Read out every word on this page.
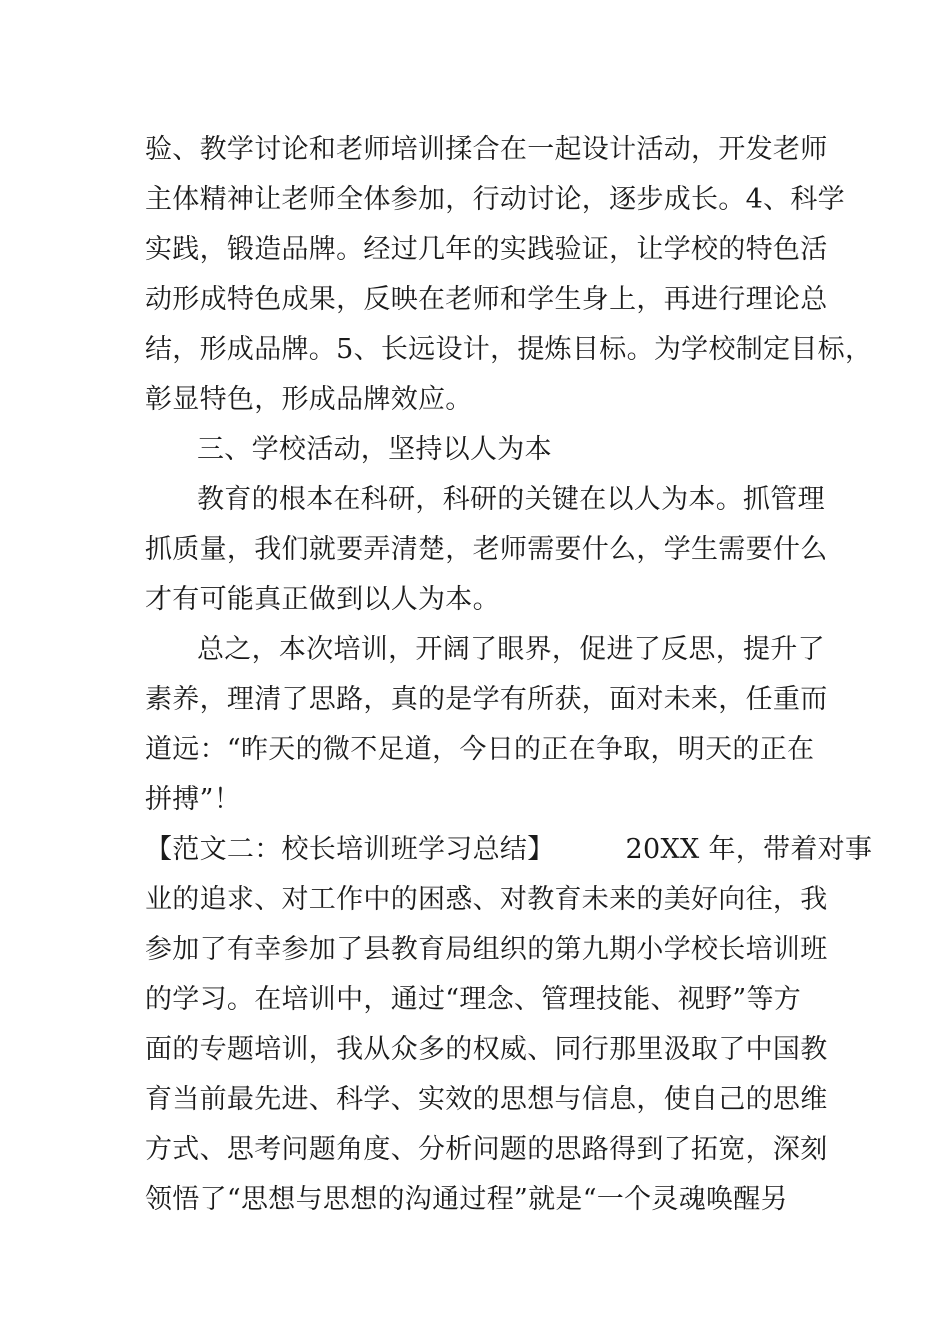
验、教学讨论和老师培训揉合在一起设计活动，开发老师
主体精神让老师全体参加，行动讨论，逐步成长。4、科学
实践，锻造品牌。经过几年的实践验证，让学校的特色活
动形成特色成果，反映在老师和学生身上，再进行理论总
结，形成品牌。5、长远设计，提炼目标。为学校制定目标，
彰显特色，形成品牌效应。
三、学校活动，坚持以人为本
教育的根本在科研，科研的关键在以人为本。抓管理
抓质量，我们就要弄清楚，老师需要什么，学生需要什么
才有可能真正做到以人为本。
总之，本次培训，开阔了眼界，促进了反思，提升了
素养，理清了思路，真的是学有所获，面对未来，任重而
道远：“昨天的微不足道，今日的正在争取，明天的正在
拼搏”！
【范文二：校长培训班学习总结】        20XX 年，带着对事
业的追求、对工作中的困惑、对教育未来的美好向往，我
参加了有幸参加了县教育局组织的第九期小学校长培训班
的学习。在培训中，通过“理念、管理技能、视野”等方
面的专题培训，我从众多的权威、同行那里汲取了中国教
育当前最先进、科学、实效的思想与信息，使自己的思维
方式、思考问题角度、分析问题的思路得到了拓宽，深刻
领悟了“思想与思想的沟通过程”就是“一个灵魂唤醒另
